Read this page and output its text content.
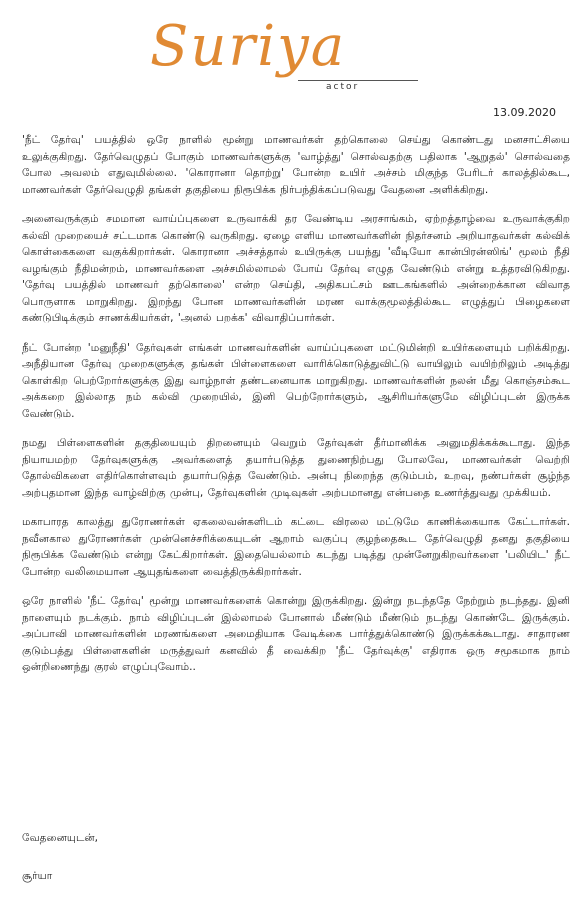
Suriya
actor
13.09.2020

'நீட் தேர்வு' பயத்தில் ஒரே நாளில் மூன்று மாணவர்கள் தற்கொலை செய்து கொண்டது மனசாட்சியை உலுக்குகிறது. தேர்வெழுதப் போகும் மாணவர்களுக்கு 'வாழ்த்து' சொல்வதற்கு பதிலாக 'ஆறுதல்' சொல்வதை போல அவலம் எதுவுமில்லை. 'கொரானா தொற்று' போன்ற உயிர் அச்சம் மிகுந்த பேரிடர் காலத்தில்கூட, மாணவர்கள் தேர்வெழுதி தங்கள் தகுதியை நிரூபிக்க நிர்பந்திக்கப்படுவது வேதனை அளிக்கிறது.

அனைவருக்கும் சமமான வாய்ப்புகளை உருவாக்கி தர வேண்டிய அரசாங்கம், ஏற்றத்தாழ்வை உருவாக்குகிற கல்வி முறையைச் சட்டமாக கொண்டு வருகிறது. ஏழை எளிய மாணவர்களின் நிதர்சனம் அறியாதவர்கள் கல்விக் கொள்கைகளை வகுக்கிறார்கள். கொரானா அச்சத்தால் உயிருக்கு பயந்து 'வீடியோ கான்பிரன்ஸிங்' மூலம் நீதி வழங்கும் நீதிமன்றம், மாணவர்களை அச்சமில்லாமல் போய் தேர்வு எழுத வேண்டும் என்று உத்தரவிடுகிறது. 'தேர்வு பயத்தில் மாணவர் தற்கொலை' என்ற செய்தி, அதிகபட்சம் ஊடகங்களில் அன்றைக்கான விவாத பொருளாக மாறுகிறது. இறந்து போன மாணவர்களின் மரண வாக்குமூலத்தில்கூட எழுத்துப் பிழைகளை கண்டுபிடிக்கும் சாணக்கியர்கள், 'அனல் பறக்க' விவாதிப்பார்கள்.

நீட் போன்ற 'மனுநீதி' தேர்வுகள் எங்கள் மாணவர்களின் வாய்ப்புகளை மட்டுமின்றி உயிர்களையும் பறிக்கிறது. அநீதியான தேர்வு முறைகளுக்கு தங்கள் பிள்ளைகளை வாரிக்கொடுத்துவிட்டு வாயிலும் வயிற்றிலும் அடித்து கொள்கிற பெற்றோர்களுக்கு இது வாழ்நாள் தண்டனையாக மாறுகிறது. மாணவர்களின் நலன் மீது கொஞ்சம்கூட அக்கறை இல்லாத நம் கல்வி முறையில், இனி பெற்றோர்களும், ஆசிரியர்களுமே விழிப்புடன் இருக்க வேண்டும்.

நமது பிள்ளைகளின் தகுதியையும் திறனையும் வெறும் தேர்வுகள் தீர்மானிக்க அனுமதிக்கக்கூடாது. இந்த நியாயமற்ற தேர்வுகளுக்கு அவர்களைத் தயார்படுத்த துணைநிற்பது போலவே, மாணவர்கள் வெற்றி தோல்விகளை எதிர்கொள்ளவும் தயார்படுத்த வேண்டும். அன்பு நிறைந்த குடும்பம், உறவு, நண்பர்கள் சூழ்ந்த அற்புதமான இந்த வாழ்விற்கு முன்பு, தேர்வுகளின் முடிவுகள் அற்பமானது என்பதை உணர்த்துவது முக்கியம்.

மகாபாரத காலத்து துரோணர்கள் ஏகலைவன்களிடம் கட்டை விரலை மட்டுமே காணிக்கையாக கேட்டார்கள். நவீனகால துரோணர்கள் முன்னெச்சரிக்கையுடன் ஆறாம் வகுப்பு குழந்தைகூட தேர்வெழுதி தனது தகுதியை நிரூபிக்க வேண்டும் என்று கேட்கிறார்கள். இதையெல்லாம் கடந்து படித்து முன்னேறுகிறவர்களை 'பலியிட' நீட் போன்ற வலிமையான ஆயுதங்களை வைத்திருக்கிறார்கள்.

ஒரே நாளில் 'நீட் தேர்வு' மூன்று மாணவர்களைக் கொன்று இருக்கிறது. இன்று நடந்ததே நேற்றும் நடந்தது. இனி நாளையும் நடக்கும். நாம் விழிப்புடன் இல்லாமல் போனால் மீண்டும் மீண்டும் நடந்து கொண்டே இருக்கும். அப்பாவி மாணவர்களின் மரணங்களை அமைதியாக வேடிக்கை பார்த்துக்கொண்டு இருக்கக்கூடாது. சாதாரண குடும்பத்து பிள்ளைகளின் மருத்துவர் கனவில் தீ வைக்கிற 'நீட் தேர்வுக்கு' எதிராக ஒரு சமூகமாக நாம் ஒன்றிணைந்து குரல் எழுப்புவோம்..

வேதனையுடன்,
சூர்யா
